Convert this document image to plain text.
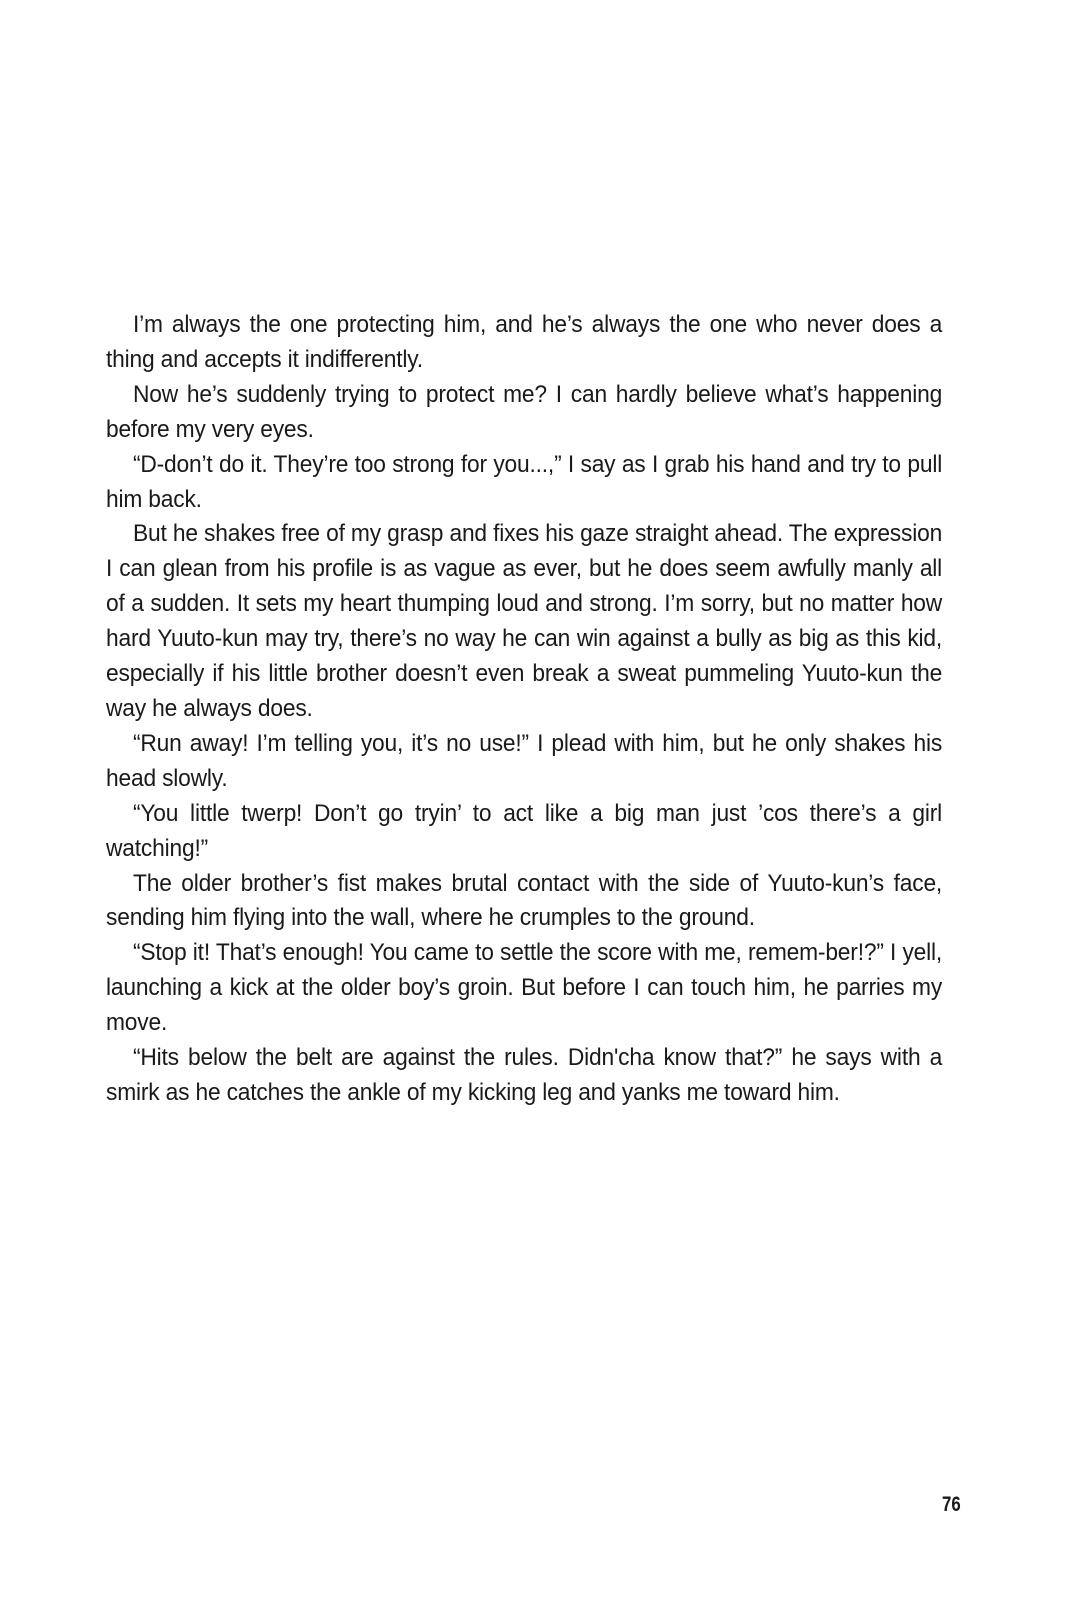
I’m always the one protecting him, and he’s always the one who never does a thing and accepts it indifferently.

Now he’s suddenly trying to protect me? I can hardly believe what’s happening before my very eyes.

“D-don’t do it. They’re too strong for you...,” I say as I grab his hand and try to pull him back.

But he shakes free of my grasp and fixes his gaze straight ahead. The expression I can glean from his profile is as vague as ever, but he does seem awfully manly all of a sudden. It sets my heart thumping loud and strong. I’m sorry, but no matter how hard Yuuto-kun may try, there’s no way he can win against a bully as big as this kid, especially if his little brother doesn’t even break a sweat pummeling Yuuto-kun the way he always does.

“Run away! I’m telling you, it’s no use!” I plead with him, but he only shakes his head slowly.

“You little twerp! Don’t go tryin’ to act like a big man just ’cos there’s a girl watching!”

The older brother’s fist makes brutal contact with the side of Yuuto-kun’s face, sending him flying into the wall, where he crumples to the ground.

“Stop it! That’s enough! You came to settle the score with me, remem-ber!?” I yell, launching a kick at the older boy’s groin. But before I can touch him, he parries my move.

“Hits below the belt are against the rules. Didn'cha know that?” he says with a smirk as he catches the ankle of my kicking leg and yanks me toward him.

76
